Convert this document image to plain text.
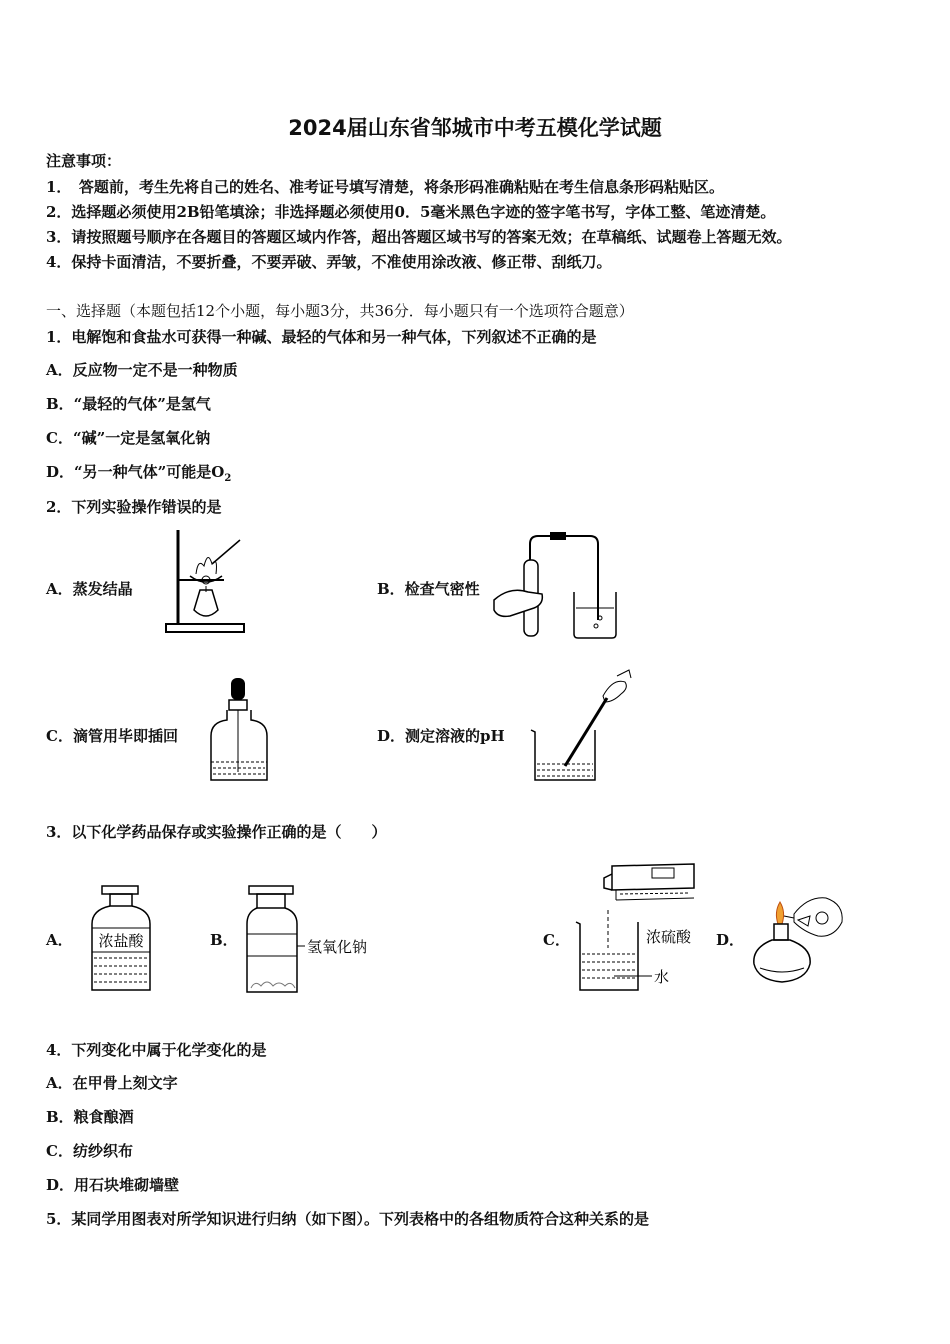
2024届山东省邹城市中考五模化学试题
注意事项：
1．　答题前，考生先将自己的姓名、准考证号填写清楚，将条形码准确粘贴在考生信息条形码粘贴区。
2．选择题必须使用2B铅笔填涂；非选择题必须使用0．5毫米黑色字迹的签字笔书写，字体工整、笔迹清楚。
3．请按照题号顺序在各题目的答题区域内作答，超出答题区域书写的答案无效；在草稿纸、试题卷上答题无效。
4．保持卡面清洁，不要折叠，不要弄破、弄皱，不准使用涂改液、修正带、刮纸刀。
一、选择题（本题包括12个小题，每小题3分，共36分．每小题只有一个选项符合题意）
1．电解饱和食盐水可获得一种碱、最轻的气体和另一种气体，下列叙述不正确的是
A．反应物一定不是一种物质
B．“最轻的气体”是氢气
C．“碱”一定是氢氧化钠
D．“另一种气体”可能是$O_2$
2．下列实验操作错误的是
A．蒸发结晶	B．检查气密性
C．滴管用毕即插回	D．测定溶液的pH
3．以下化学药品保存或实验操作正确的是（　　）
A．	B．	C．	D．
浓盐酸	氢氧化钠
浓硫酸
水
4．下列变化中属于化学变化的是
A．在甲骨上刻文字
B．粮食酿酒
C．纺纱织布
D．用石块堆砌墙壁
5．某同学用图表对所学知识进行归纳（如下图）。下列表格中的各组物质符合这种关系的是
